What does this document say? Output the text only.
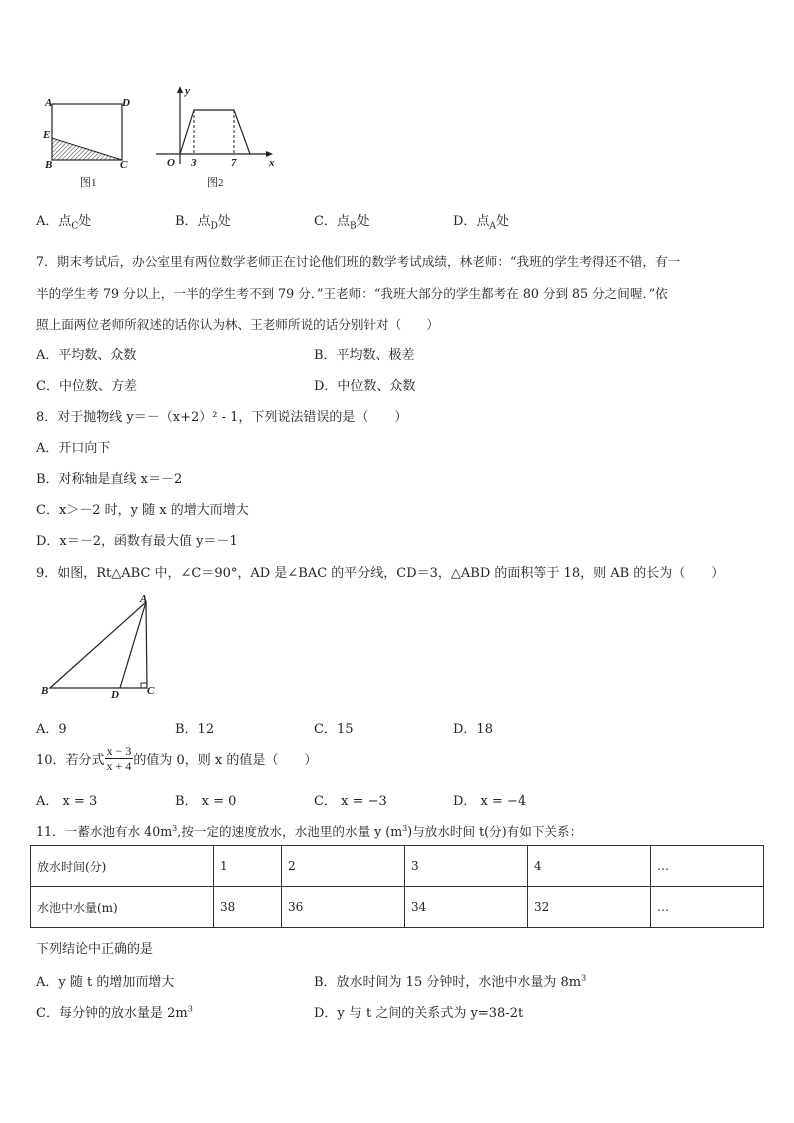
A	D
E
B	C
图1
y
O 3	7	x
图2
A．点$_C$处	B．点$_D$处	C．点$_B$处	D．点$_A$处
7．期末考试后，办公室里有两位数学老师正在讨论他们班的数学考试成绩，林老师：“我班的学生考得还不错，有一
半的学生考 79 分以上，一半的学生考不到 79 分．”王老师：“我班大部分的学生都考在 80 分到 85 分之间喔．”依
照上面两位老师所叙述的话你认为林、王老师所说的话分别针对（　　）
A．平均数、众数	B．平均数、极差
C．中位数、方差	D．中位数、众数
8．对于抛物线 y＝－（x+2）² - 1，下列说法错误的是（　　）
A．开口向下
B．对称轴是直线 x＝－2
C．x＞－2 时，y 随 x 的增大而增大
D．x＝－2，函数有最大值 y＝－1
9．如图，Rt△ABC 中，∠C＝90°，AD 是∠BAC 的平分线，CD＝3，△ABD 的面积等于 18，则 AB 的长为（　　）
A
B	D	C
A．9	B．12	C．15	D．18
10．若分式 $\frac{x - 3}{x + 4}$ 的值为 0，则 x 的值是（　　）
A． x = 3	B． x = 0	C． x = −3	D． x = −4
11．一蓄水池有水 $40m^3$,按一定的速度放水，水池里的水量 y $(m^3)$与放水时间 t(分)有如下关系：
放水时间(分)	1	2	3	4	…
水池中水量(m)	38	36	34	32	…
下列结论中正确的是
A．y 随 t 的增加而增大	B．放水时间为 15 分钟时，水池中水量为 $8m^3$
C．每分钟的放水量是 $2m^3$	D．y 与 t 之间的关系式为 y=38-2t
